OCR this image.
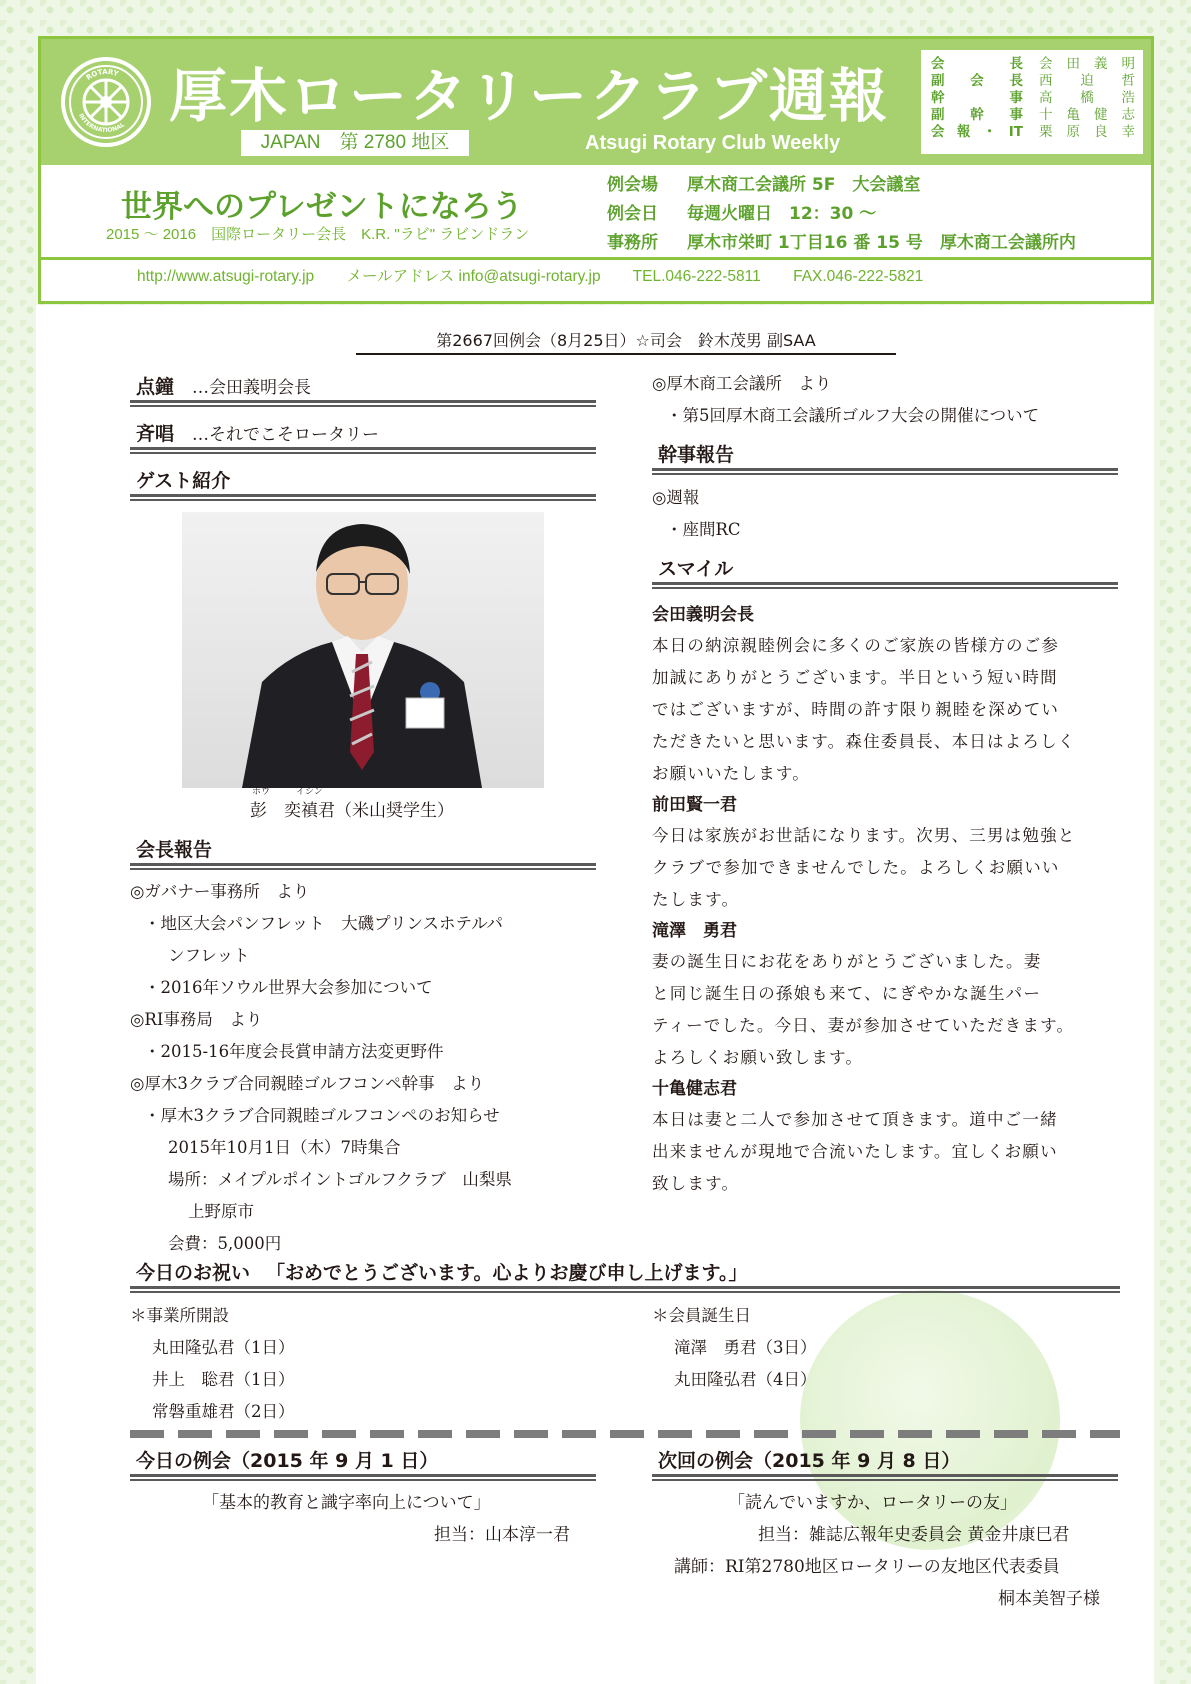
ROTARY
INTERNATIONAL 厚木ロータリークラブ週報
JAPAN　第 2780 地区	Atsugi Rotary Club Weekly
会長 会田義明
副会長 西迫哲
幹事 高橋浩
副幹事 十亀健志
会報・IT 栗原良幸
世界へのプレゼントになろう
2015 ～ 2016　国際ロータリー会長　K.R. "ラビ" ラビンドラン
例会場 厚木商工会議所 5F　大会議室
例会日 毎週火曜日　12：30 ～
事務所 厚木市栄町 1丁目16 番 15 号　厚木商工会議所内
http://www.atsugi-rotary.jp メールアドレス info@atsugi-rotary.jp TEL.046-222-5811 FAX.046-222-5821
第2667回例会（8月25日）☆司会　鈴木茂男 副SAA
点鐘 …会田義明会長
斉唱 …それでこそロータリー
ゲスト紹介
ホウ	イシン
彭　奕禛君（米山奨学生）
会長報告
◎ガバナー事務所　より
・地区大会パンフレット　大磯プリンスホテルパ
ンフレット
・2016年ソウル世界大会参加について
◎RI事務局　より
・2015-16年度会長賞申請方法変更野件
◎厚木3クラブ合同親睦ゴルフコンペ幹事　より
・厚木3クラブ合同親睦ゴルフコンペのお知らせ
2015年10月1日（木）7時集合
場所：メイプルポイントゴルフクラブ　山梨県
上野原市
会費：5,000円
◎厚木商工会議所　より
・第5回厚木商工会議所ゴルフ大会の開催について
幹事報告
◎週報
・座間RC
スマイル
会田義明会長
本日の納涼親睦例会に多くのご家族の皆様方のご参
加誠にありがとうございます。半日という短い時間
ではございますが、時間の許す限り親睦を深めてい
ただきたいと思います。森住委員長、本日はよろしく
お願いいたします。
前田賢一君
今日は家族がお世話になります。次男、三男は勉強と
クラブで参加できませんでした。よろしくお願いい
たします。
滝澤　勇君
妻の誕生日にお花をありがとうございました。妻
と同じ誕生日の孫娘も来て、にぎやかな誕生パー
ティーでした。今日、妻が参加させていただきます。
よろしくお願い致します。
十亀健志君
本日は妻と二人で参加させて頂きます。道中ご一緒
出来ませんが現地で合流いたします。宜しくお願い
致します。
今日のお祝い 「おめでとうございます。心よりお慶び申し上げます。」
＊事業所開設
丸田隆弘君（1日）
井上　聡君（1日）
常磐重雄君（2日）
＊会員誕生日
滝澤　勇君（3日）
丸田隆弘君（4日）
今日の例会（2015 年 9 月 1 日）
「基本的教育と識字率向上について」
担当：山本淳一君
次回の例会（2015 年 9 月 8 日）
「読んでいますか、ロータリーの友」
担当：雑誌広報年史委員会 黄金井康巳君
講師：RI第2780地区ロータリーの友地区代表委員
桐本美智子様
